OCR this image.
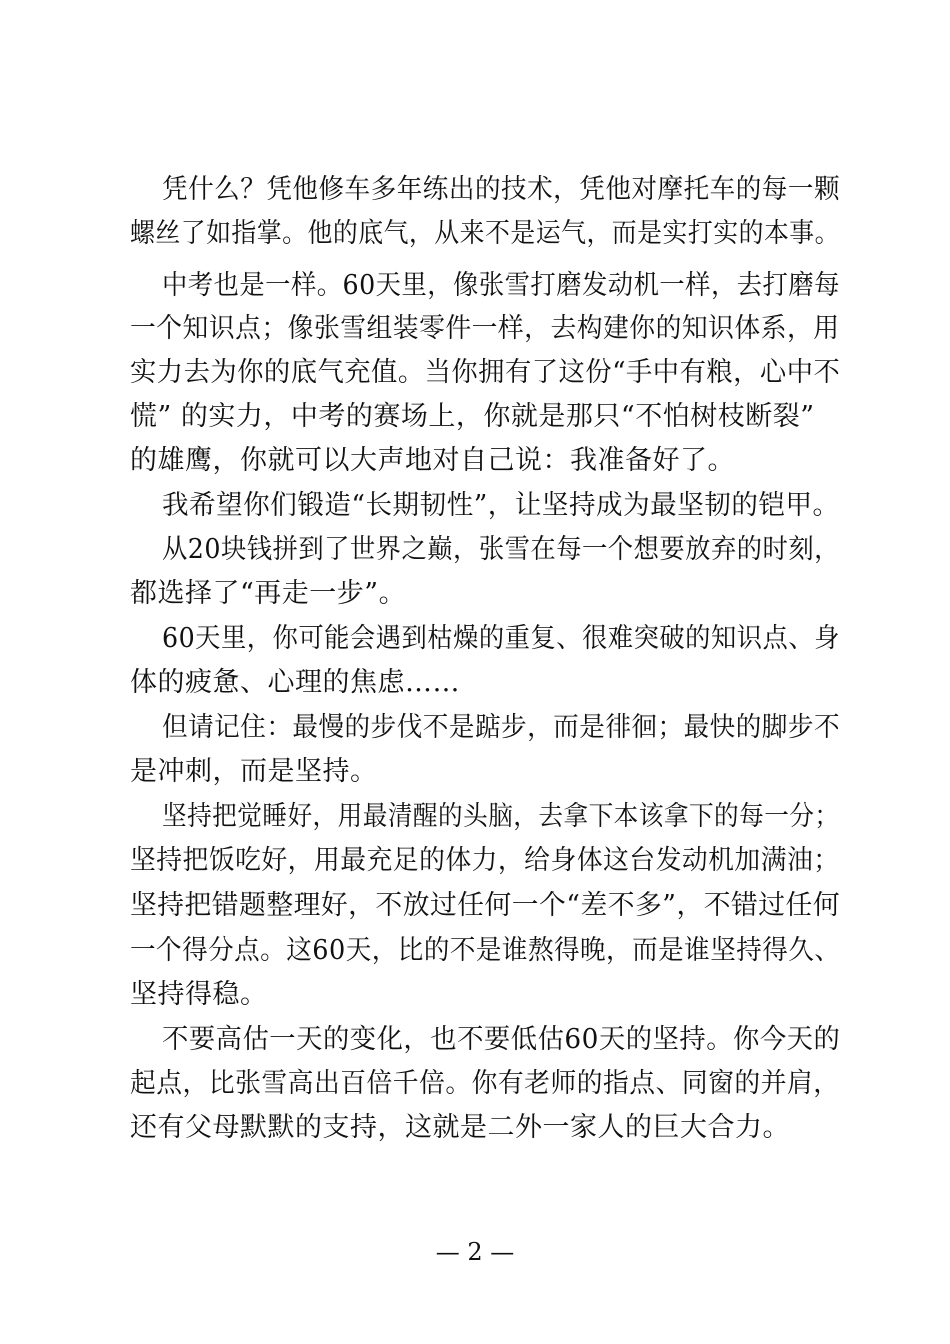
凭什么？凭他修车多年练出的技术，凭他对摩托车的每一颗
螺丝了如指掌。他的底气，从来不是运气，而是实打实的本事。
中考也是一样。60天里，像张雪打磨发动机一样，去打磨每
一个知识点；像张雪组装零件一样，去构建你的知识体系，用
实力去为你的底气充值。当你拥有了这份“手中有粮，心中不
慌” 的实力，中考的赛场上，你就是那只“不怕树枝断裂”
的雄鹰，你就可以大声地对自己说：我准备好了。
我希望你们锻造“长期韧性”，让坚持成为最坚韧的铠甲。
从20块钱拼到了世界之巅，张雪在每一个想要放弃的时刻，
都选择了“再走一步”。
60天里，你可能会遇到枯燥的重复、很难突破的知识点、身
体的疲惫、心理的焦虑……
但请记住：最慢的步伐不是踮步，而是徘徊；最快的脚步不
是冲刺，而是坚持。
坚持把觉睡好，用最清醒的头脑，去拿下本该拿下的每一分；
坚持把饭吃好，用最充足的体力，给身体这台发动机加满油；
坚持把错题整理好，不放过任何一个“差不多”，不错过任何
一个得分点。这60天，比的不是谁熬得晚，而是谁坚持得久、
坚持得稳。
不要高估一天的变化，也不要低估60天的坚持。你今天的
起点，比张雪高出百倍千倍。你有老师的指点、同窗的并肩，
还有父母默默的支持，这就是二外一家人的巨大合力。
— 2 —
